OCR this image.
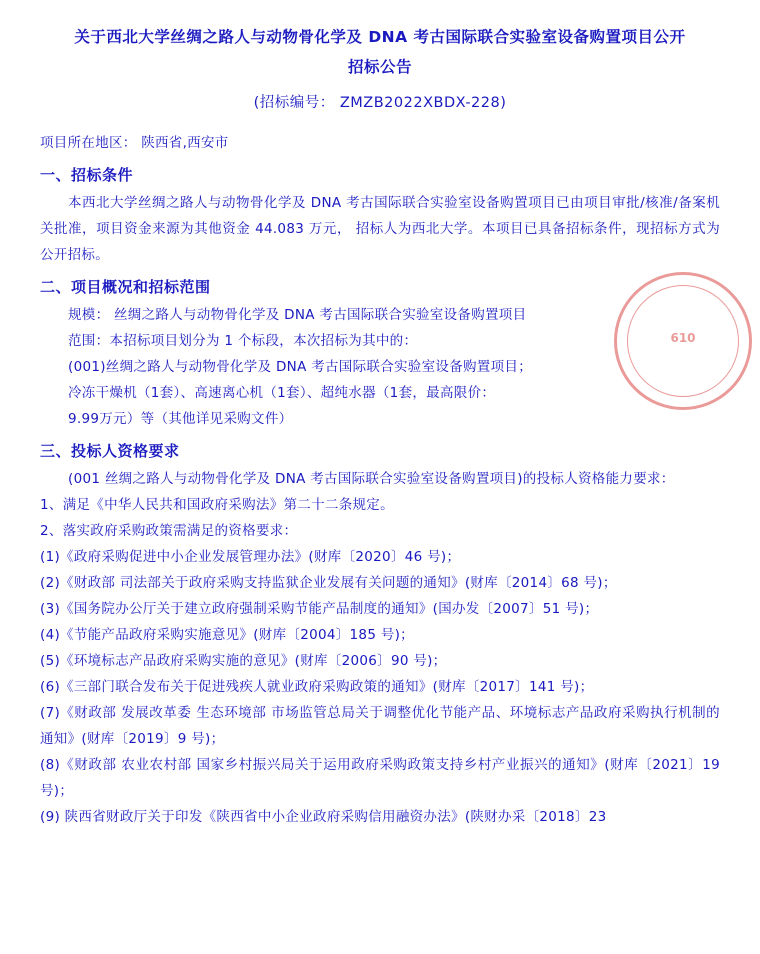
关于西北大学丝绸之路人与动物骨化学及 DNA 考古国际联合实验室设备购置项目公开招标公告
(招标编号： ZMZB2022XBDX-228)
项目所在地区： 陕西省,西安市
一、招标条件

本西北大学丝绸之路人与动物骨化学及 DNA 考古国际联合实验室设备购置项目已由项目审批/核准/备案机关批准，项目资金来源为其他资金 44.083 万元， 招标人为西北大学。本项目已具备招标条件，现招标方式为公开招标。

二、项目概况和招标范围

规模： 丝绸之路人与动物骨化学及 DNA 考古国际联合实验室设备购置项目

范围：本招标项目划分为 1 个标段，本次招标为其中的：

(001)丝绸之路人与动物骨化学及 DNA 考古国际联合实验室设备购置项目；

冷冻干燥机（1套）、高速离心机（1套）、超纯水器（1套，最高限价：

9.99万元）等（其他详见采购文件）

三、投标人资格要求

(001 丝绸之路人与动物骨化学及 DNA 考古国际联合实验室设备购置项目)的投标人资格能力要求：

1、满足《中华人民共和国政府采购法》第二十二条规定。

2、落实政府采购政策需满足的资格要求：

(1)《政府采购促进中小企业发展管理办法》(财库〔2020〕46 号)；

(2)《财政部 司法部关于政府采购支持监狱企业发展有关问题的通知》(财库〔2014〕68 号)；

(3)《国务院办公厅关于建立政府强制采购节能产品制度的通知》(国办发〔2007〕51 号)；

(4)《节能产品政府采购实施意见》(财库〔2004〕185 号)；

(5)《环境标志产品政府采购实施的意见》(财库〔2006〕90 号)；

(6)《三部门联合发布关于促进残疾人就业政府采购政策的通知》(财库〔2017〕141 号)；

(7)《财政部 发展改革委 生态环境部 市场监管总局关于调整优化节能产品、环境标志产品政府采购执行机制的通知》(财库〔2019〕9 号)；

(8)《财政部 农业农村部 国家乡村振兴局关于运用政府采购政策支持乡村产业振兴的通知》(财库〔2021〕19 号)；

(9) 陕西省财政厅关于印发《陕西省中小企业政府采购信用融资办法》(陕财办采〔2018〕23

610
